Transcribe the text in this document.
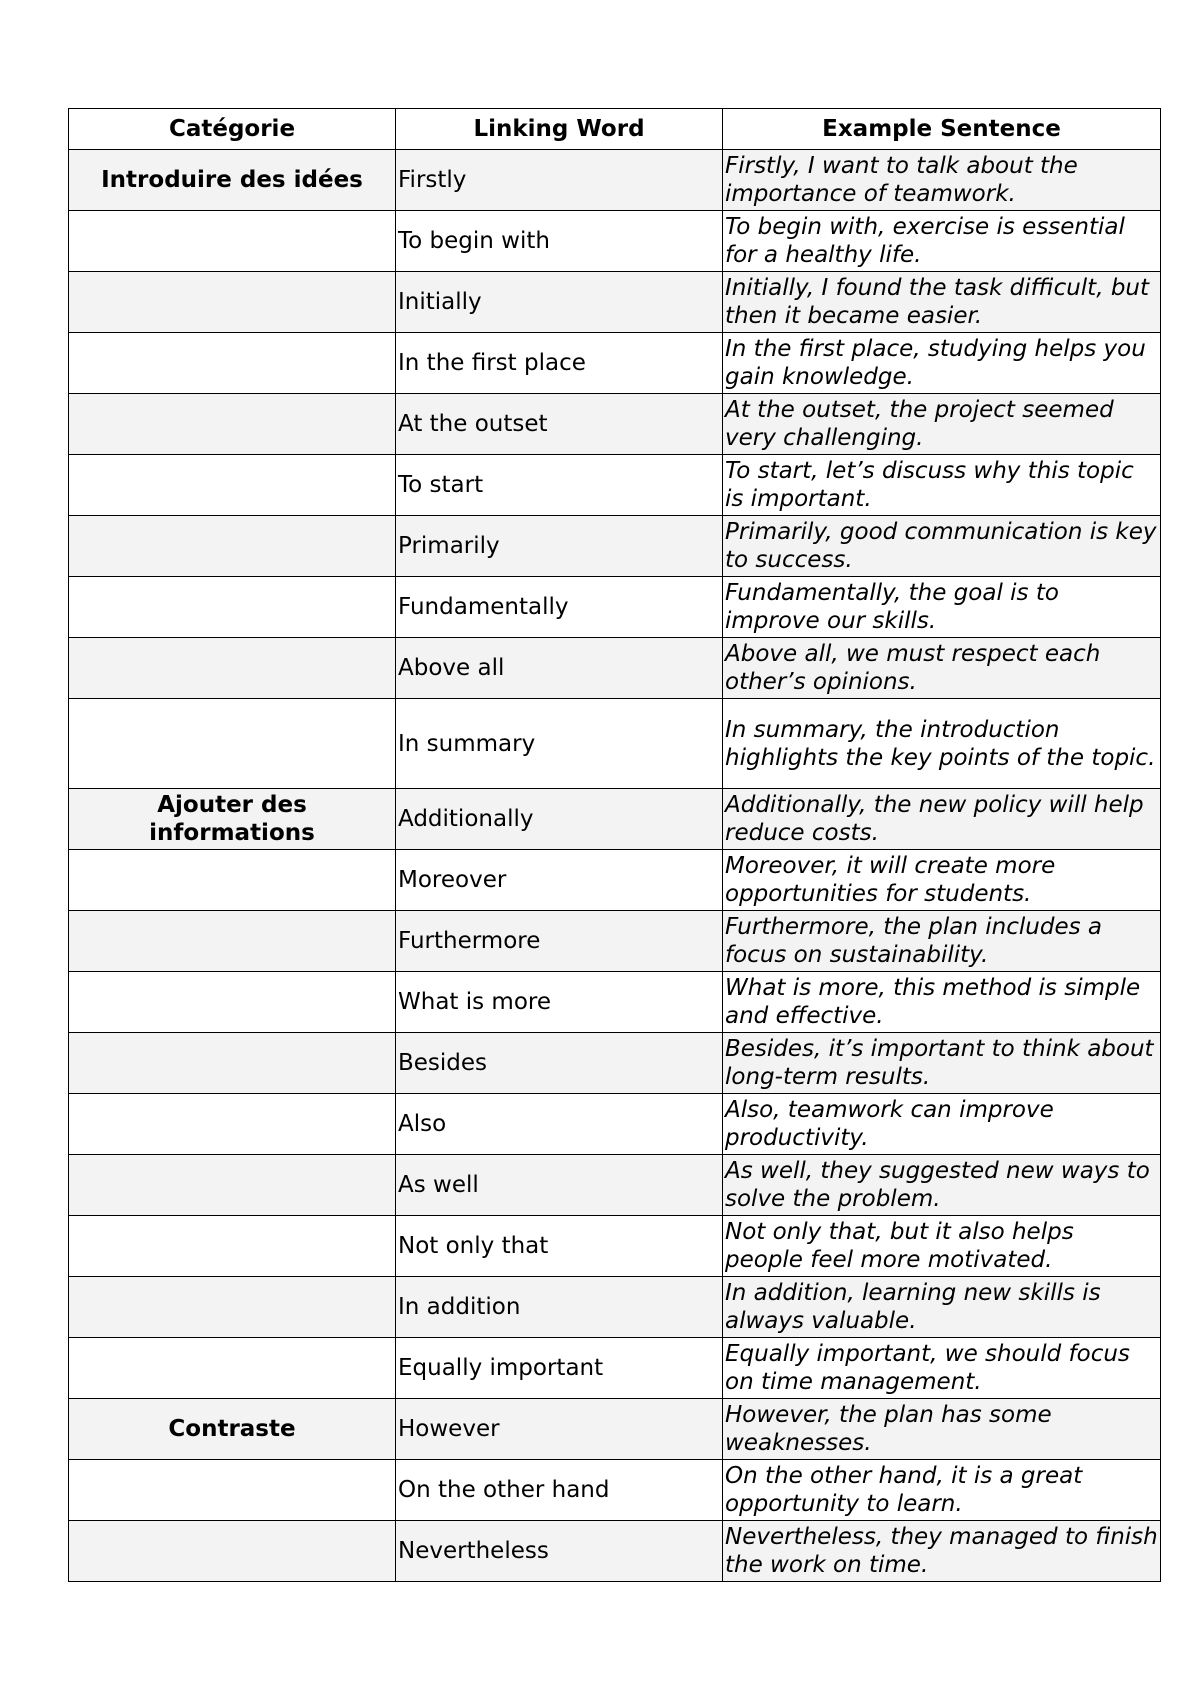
Catégorie	Linking Word	Example Sentence
Introduire des idées	Firstly	Firstly, I want to talk about the importance of teamwork.
	To begin with	To begin with, exercise is essential for a healthy life.
	Initially	Initially, I found the task difficult, but then it became easier.
	In the first place	In the first place, studying helps you gain knowledge.
	At the outset	At the outset, the project seemed very challenging.
	To start	To start, let’s discuss why this topic is important.
	Primarily	Primarily, good communication is key to success.
	Fundamentally	Fundamentally, the goal is to improve our skills.
	Above all	Above all, we must respect each other’s opinions.
	In summary	In summary, the introduction highlights the key points of the topic.
Ajouter des informations	Additionally	Additionally, the new policy will help reduce costs.
	Moreover	Moreover, it will create more opportunities for students.
	Furthermore	Furthermore, the plan includes a focus on sustainability.
	What is more	What is more, this method is simple and effective.
	Besides	Besides, it’s important to think about long-term results.
	Also	Also, teamwork can improve productivity.
	As well	As well, they suggested new ways to solve the problem.
	Not only that	Not only that, but it also helps people feel more motivated.
	In addition	In addition, learning new skills is always valuable.
	Equally important	Equally important, we should focus on time management.
Contraste	However	However, the plan has some weaknesses.
	On the other hand	On the other hand, it is a great opportunity to learn.
	Nevertheless	Nevertheless, they managed to finish the work on time.
